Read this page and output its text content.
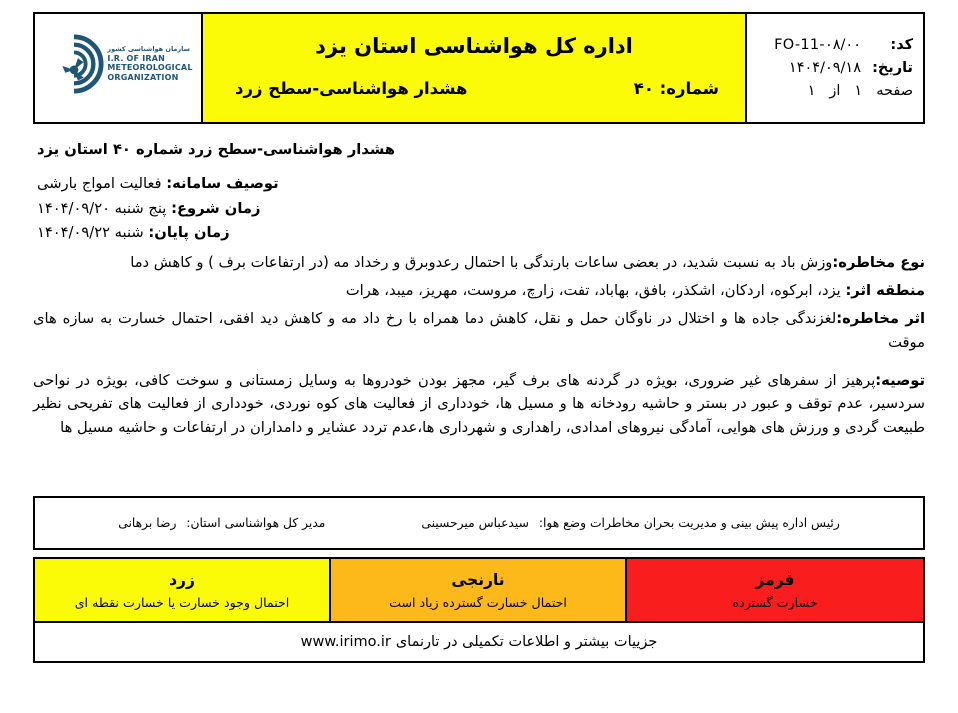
کد:
FO-11-۰۸/۰۰
تاریخ:
۱۴۰۴/۰۹/۱۸
صفحه
۱
از
۱
اداره کل هواشناسی استان یزد
شماره: ۴۰
هشدار هواشناسی-سطح زرد
سازمان هواشناسی کشور
I.R. OF IRAN
METEOROLOGICAL
ORGANIZATION
هشدار هواشناسی-سطح زرد شماره ۴۰ استان یزد

توصیف سامانه: فعالیت امواج بارشی

زمان شروع: پنج شنبه ۱۴۰۴/۰۹/۲۰

زمان پایان: شنبه ۱۴۰۴/۰۹/۲۲

نوع مخاطره:وزش باد به نسبت شدید، در بعضی ساعات بارندگی با احتمال رعدوبرق و رخداد مه (در ارتفاعات برف ) و کاهش دما

منطقه اثر: یزد، ابرکوه، اردکان، اشکذر، بافق، بهاباد، تفت، زارچ، مروست، مهریز، میبد، هرات

اثر مخاطره:لغزندگی جاده ها و اختلال در ناوگان حمل و نقل، کاهش دما همراه با رخ داد مه و کاهش دید افقی، احتمال خسارت به سازه های موقت

توصیه:پرهیز از سفرهای غیر ضروری، بویژه در گردنه های برف گیر، مجهز بودن خودروها به وسایل زمستانی و سوخت کافی، بویژه در نواحی سردسیر، عدم توقف و عبور در بستر و حاشیه رودخانه ها و مسیل ها، خودداری از فعالیت های کوه نوردی، خودداری از فعالیت های تفریحی نظیر طبیعت گردی و ورزش های هوایی، آمادگی نیروهای امدادی، راهداری و شهرداری ها،عدم تردد عشایر و دامداران در ارتفاعات و حاشیه مسیل ها

رئیس اداره پیش بینی و مدیریت بحران مخاطرات وضع هوا: سیدعباس میرحسینی
مدیر کل هواشناسی استان: رضا برهانی
قرمز
خسارت گسترده
نارنجی
احتمال خسارت گسترده زیاد است
زرد
احتمال وجود خسارت یا خسارت نقطه ای
جزییات بیشتر و اطلاعات تکمیلی در تارنمای
www.irimo.ir
